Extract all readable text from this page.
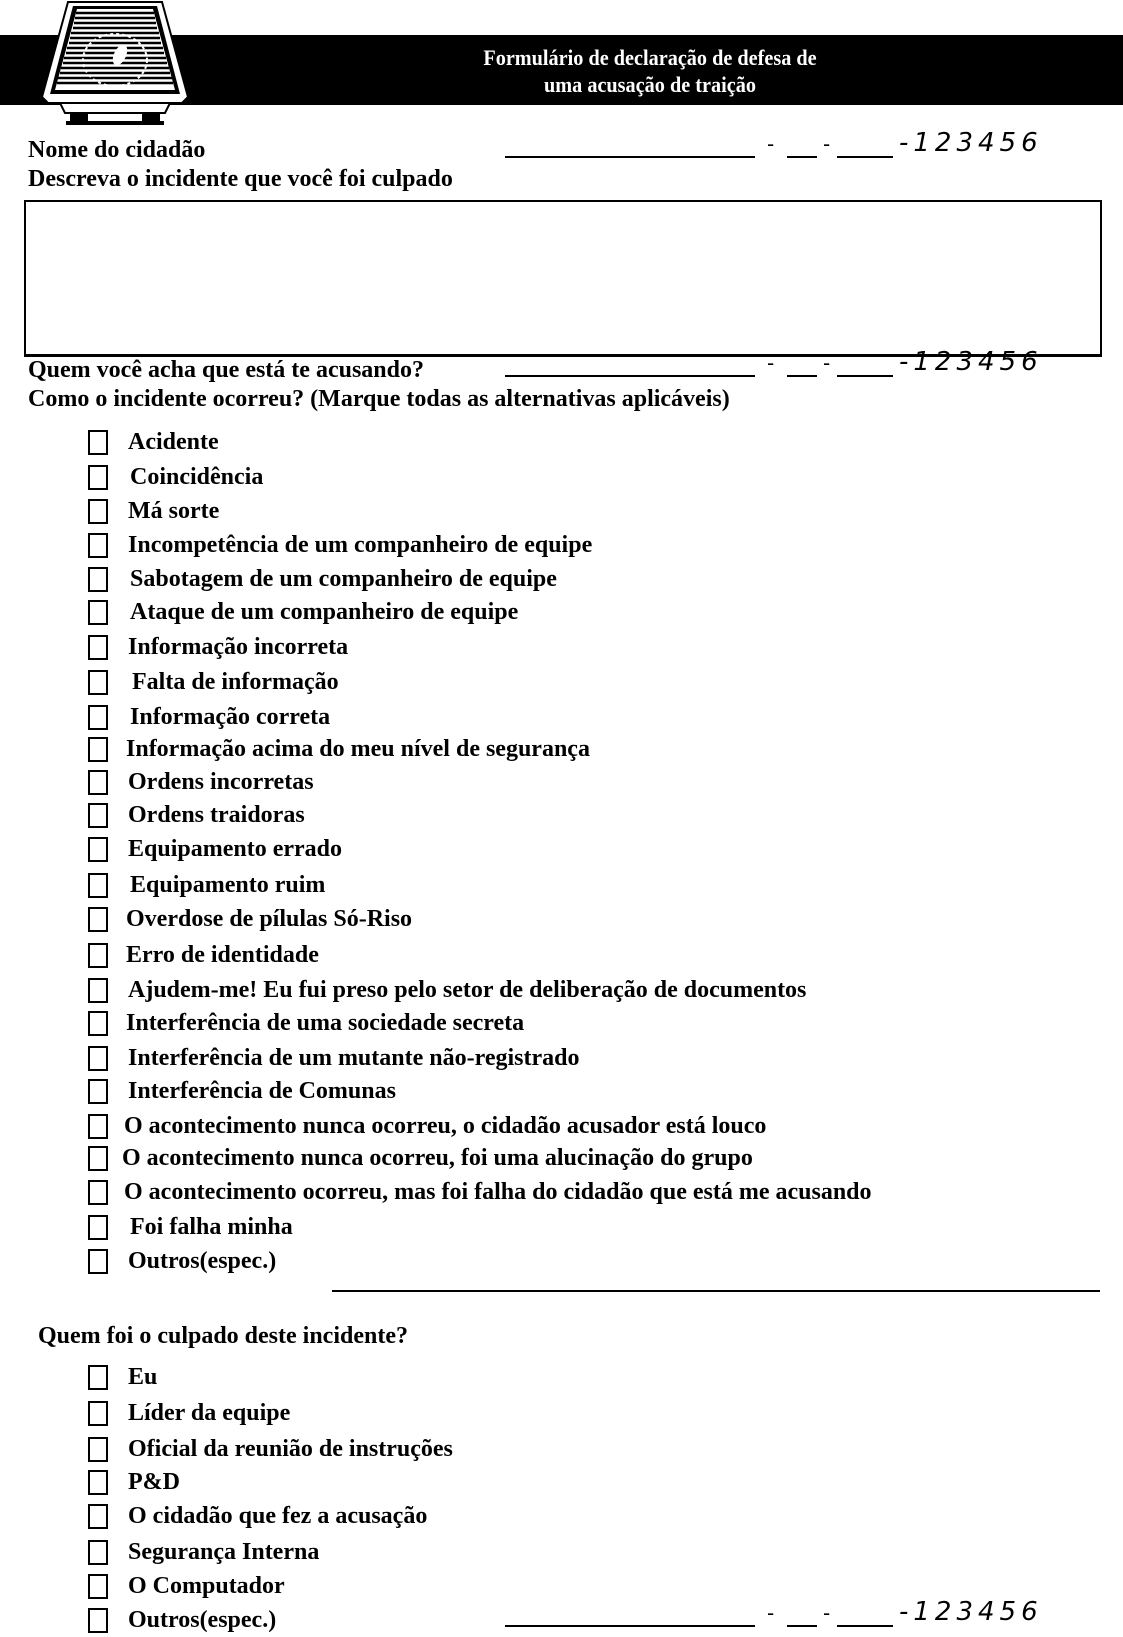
Formulário de declaração de defesa de
uma acusação de traição
Nome do cidadão	- -	-123456
Descreva o incidente que você foi culpado
Quem você acha que está te acusando?	- -	-123456
Como o incidente ocorreu? (Marque todas as alternativas aplicáveis)
Acidente
Coincidência
Má sorte
Incompetência de um companheiro de equipe
Sabotagem de um companheiro de equipe
Ataque de um companheiro de equipe
Informação incorreta
Falta de informação
Informação correta
Informação acima do meu nível de segurança
Ordens incorretas
Ordens traidoras
Equipamento errado
Equipamento ruim
Overdose de pílulas Só-Riso
Erro de identidade
Ajudem-me! Eu fui preso pelo setor de deliberação de documentos
Interferência de uma sociedade secreta
Interferência de um mutante não-registrado
Interferência de Comunas
O acontecimento nunca ocorreu, o cidadão acusador está louco
O acontecimento nunca ocorreu, foi uma alucinação do grupo
O acontecimento ocorreu, mas foi falha do cidadão que está me acusando
Foi falha minha
Outros(espec.)
Quem foi o culpado deste incidente?
Eu
Líder da equipe
Oficial da reunião de instruções
P&D
O cidadão que fez a acusação
Segurança Interna
O Computador
Outros(espec.)	- -	-123456
